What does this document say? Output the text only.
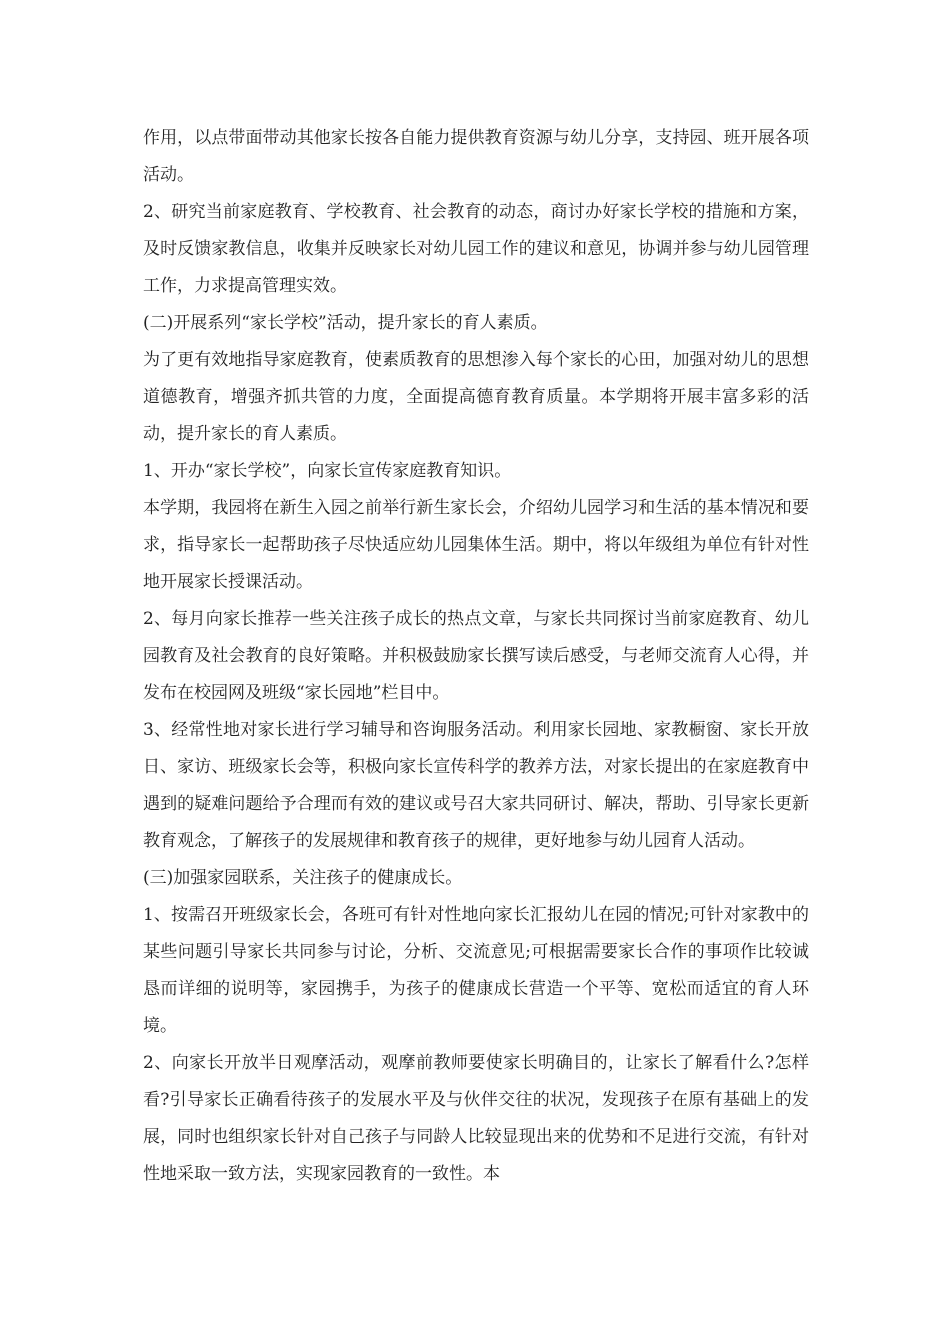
作用，以点带面带动其他家长按各自能力提供教育资源与幼儿分享，支持园、班开展各项活动。

2、研究当前家庭教育、学校教育、社会教育的动态，商讨办好家长学校的措施和方案，及时反馈家教信息，收集并反映家长对幼儿园工作的建议和意见，协调并参与幼儿园管理工作，力求提高管理实效。

(二)开展系列“家长学校”活动，提升家长的育人素质。

为了更有效地指导家庭教育，使素质教育的思想渗入每个家长的心田，加强对幼儿的思想道德教育，增强齐抓共管的力度，全面提高德育教育质量。本学期将开展丰富多彩的活动，提升家长的育人素质。

1、开办“家长学校”，向家长宣传家庭教育知识。

本学期，我园将在新生入园之前举行新生家长会，介绍幼儿园学习和生活的基本情况和要求，指导家长一起帮助孩子尽快适应幼儿园集体生活。期中，将以年级组为单位有针对性地开展家长授课活动。

2、每月向家长推荐一些关注孩子成长的热点文章，与家长共同探讨当前家庭教育、幼儿园教育及社会教育的良好策略。并积极鼓励家长撰写读后感受，与老师交流育人心得，并发布在校园网及班级“家长园地”栏目中。

3、经常性地对家长进行学习辅导和咨询服务活动。利用家长园地、家教橱窗、家长开放日、家访、班级家长会等，积极向家长宣传科学的教养方法，对家长提出的在家庭教育中遇到的疑难问题给予合理而有效的建议或号召大家共同研讨、解决，帮助、引导家长更新教育观念，了解孩子的发展规律和教育孩子的规律，更好地参与幼儿园育人活动。

(三)加强家园联系，关注孩子的健康成长。

1、按需召开班级家长会，各班可有针对性地向家长汇报幼儿在园的情况;可针对家教中的某些问题引导家长共同参与讨论，分析、交流意见;可根据需要家长合作的事项作比较诚恳而详细的说明等，家园携手，为孩子的健康成长营造一个平等、宽松而适宜的育人环境。

2、向家长开放半日观摩活动，观摩前教师要使家长明确目的，让家长了解看什么?怎样看?引导家长正确看待孩子的发展水平及与伙伴交往的状况，发现孩子在原有基础上的发展，同时也组织家长针对自己孩子与同龄人比较显现出来的优势和不足进行交流，有针对性地采取一致方法，实现家园教育的一致性。本
